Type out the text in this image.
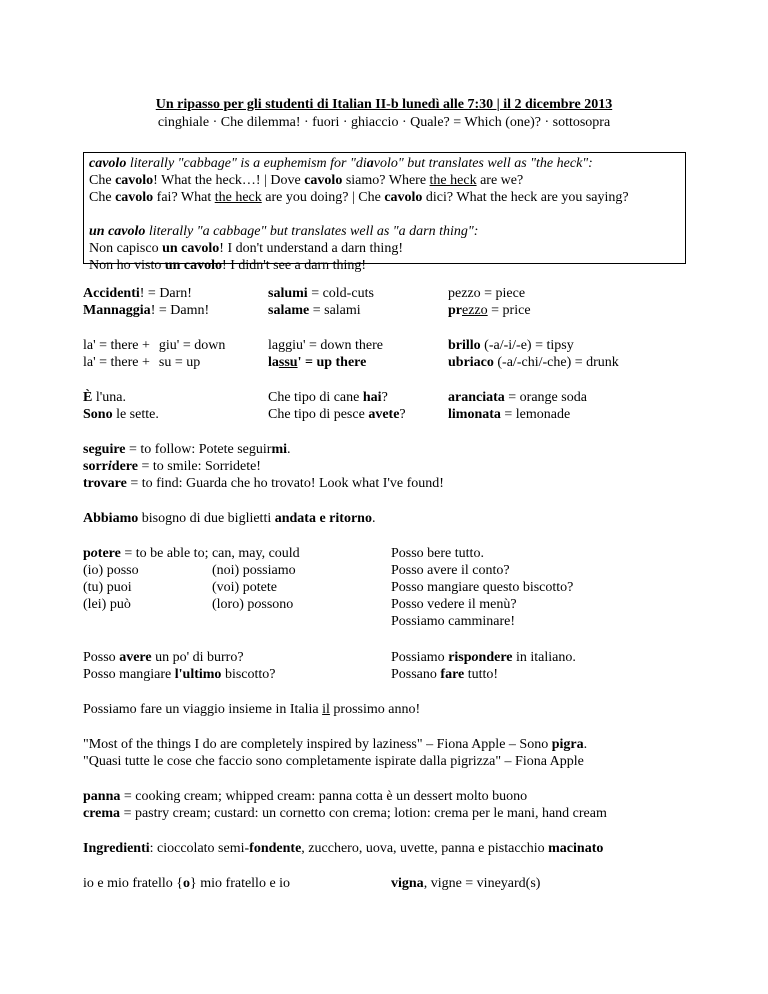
Un ripasso per gli studenti di Italian II-b lunedì alle 7:30 | il 2 dicembre 2013
cinghiale · Che dilemma! · fuori · ghiaccio · Quale? = Which (one)? · sottosopra
cavolo literally "cabbage" is a euphemism for "diavolo" but translates well as "the heck":
Che cavolo! What the heck…! | Dove cavolo siamo? Where the heck are we?
Che cavolo fai? What the heck are you doing? | Che cavolo dici? What the heck are you saying?

un cavolo literally "a cabbage" but translates well as "a darn thing":
Non capisco un cavolo! I don't understand a darn thing!
Non ho visto un cavolo! I didn't see a darn thing!
Accidenti! = Darn!
Mannaggia! = Damn!
salumi = cold-cuts
salame = salami
pezzo = piece
prezzo = price
la' = there + giu' = down
la' = there + su = up
laggiu' = down there
lassu' = up there
brillo (-a/-i/-e) = tipsy
ubriaco (-a/-chi/-che) = drunk
È l'una.
Sono le sette.
Che tipo di cane hai?
Che tipo di pesce avete?
aranciata = orange soda
limonata = lemonade
seguire = to follow: Potete seguirmi.
sorridere = to smile: Sorridete!
trovare = to find: Guarda che ho trovato! Look what I've found!
Abbiamo bisogno di due biglietti andata e ritorno.
potere = to be able to; can, may, could
(io) posso
(tu) puoi
(lei) può
(noi) possiamo
(voi) potete
(loro) possono
Posso bere tutto.
Posso avere il conto?
Posso mangiare questo biscotto?
Posso vedere il menù?
Possiamo camminare!
Posso avere un po' di burro?
Posso mangiare l'ultimo biscotto?
Possiamo rispondere in italiano.
Possano fare tutto!
Possiamo fare un viaggio insieme in Italia il prossimo anno!
"Most of the things I do are completely inspired by laziness" – Fiona Apple – Sono pigra.
"Quasi tutte le cose che faccio sono completamente ispirate dalla pigrizza" – Fiona Apple
panna = cooking cream; whipped cream: panna cotta è un dessert molto buono
crema = pastry cream; custard: un cornetto con crema; lotion: crema per le mani, hand cream
Ingredienti: cioccolato semi-fondente, zucchero, uova, uvette, panna e pistacchio macinato
io e mio fratello {o} mio fratello e io	vigna, vigne = vineyard(s)
